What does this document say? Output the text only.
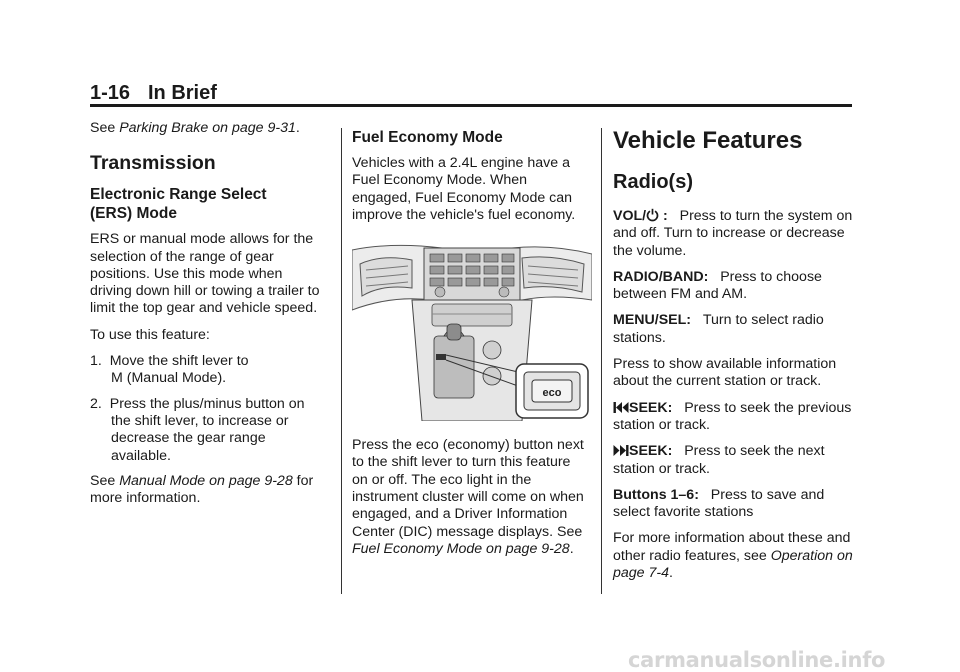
1-16 In Brief

See Parking Brake on page 9-31.

Transmission
Electronic Range Select
(ERS) Mode

ERS or manual mode allows for the selection of the range of gear positions. Use this mode when driving down hill or towing a trailer to limit the top gear and vehicle speed.

To use this feature:

1. Move the shift lever to
M (Manual Mode).
2. Press the plus/minus button on
the shift lever, to increase or decrease the gear range available.

See Manual Mode on page 9-28 for more information.

Fuel Economy Mode

Vehicles with a 2.4L engine have a Fuel Economy Mode. When engaged, Fuel Economy Mode can improve the vehicle's fuel economy.

eco

Press the eco (economy) button next to the shift lever to turn this feature on or off. The eco light in the instrument cluster will come on when engaged, and a Driver Information Center (DIC) message displays. See Fuel Economy Mode on page 9-28.

Vehicle Features
Radio(s)

VOL/ : Press to turn the system on and off. Turn to increase or decrease the volume.

RADIO/BAND: Press to choose between FM and AM.

MENU/SEL: Turn to select radio stations.

Press to show available information about the current station or track.

SEEK: Press to seek the previous station or track.

SEEK: Press to seek the next station or track.

Buttons 1–6: Press to save and select favorite stations

For more information about these and other radio features, see Operation on page 7-4.

carmanualsonline.info
